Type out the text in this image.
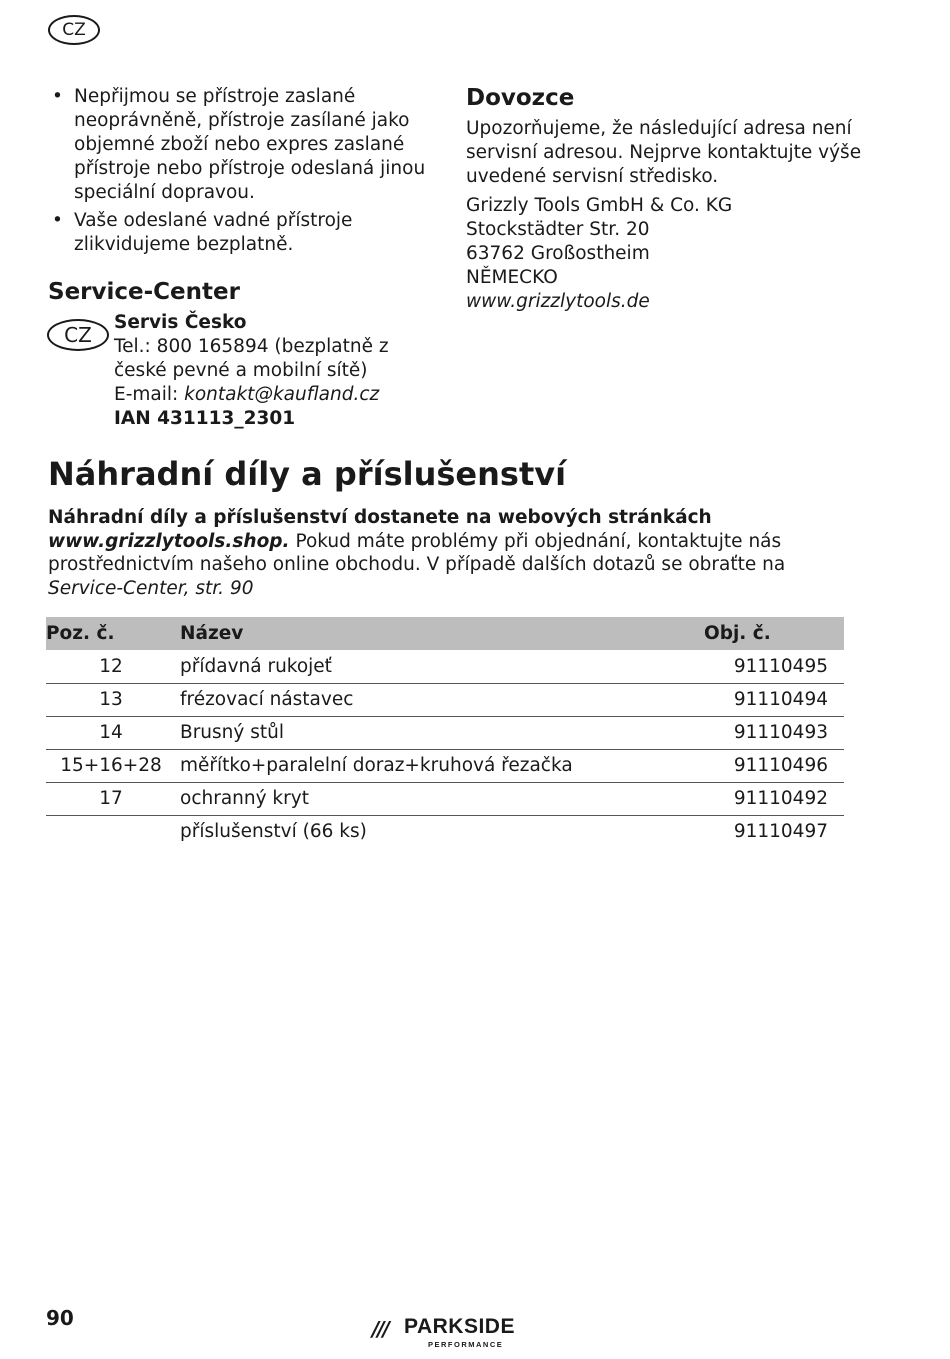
CZ
• Nepřijmou se přístroje zaslané neoprávněně, přístroje zasílané jako objemné zboží nebo expres zaslané přístroje nebo přístroje odeslaná jinou speciální dopravou.
• Vaše odeslané vadné přístroje zlikvidujeme bezplatně.
Service-Center
Servis Česko
Tel.: 800 165894 (bezplatně z české pevné a mobilní sítě)
E-mail: kontakt@kaufland.cz
IAN 431113_2301
CZ
Dovozce

Upozorňujeme, že následující adresa není servisní adresou. Nejprve kontaktujte výše uvedené servisní středisko.

Grizzly Tools GmbH & Co. KG
Stockstädter Str. 20
63762 Großostheim
NĚMECKO
www.grizzlytools.de
Náhradní díly a příslušenství
Náhradní díly a příslušenství dostanete na webových stránkách www.grizzlytools.shop. Pokud máte problémy při objednání, kontaktujte nás prostřednictvím našeho online obchodu. V případě dalších dotazů se obraťte na Service-Center, str. 90
Poz. č.	Název	Obj. č.
12	přídavná rukojeť	91110495
13	frézovací nástavec	91110494
14	Brusný stůl	91110493
15+16+28	měřítko+paralelní doraz+kruhová řezačka	91110496
17	ochranný kryt	91110492
	příslušenství (66 ks)	91110497
90	/// PARKSIDE
PERFORMANCE
